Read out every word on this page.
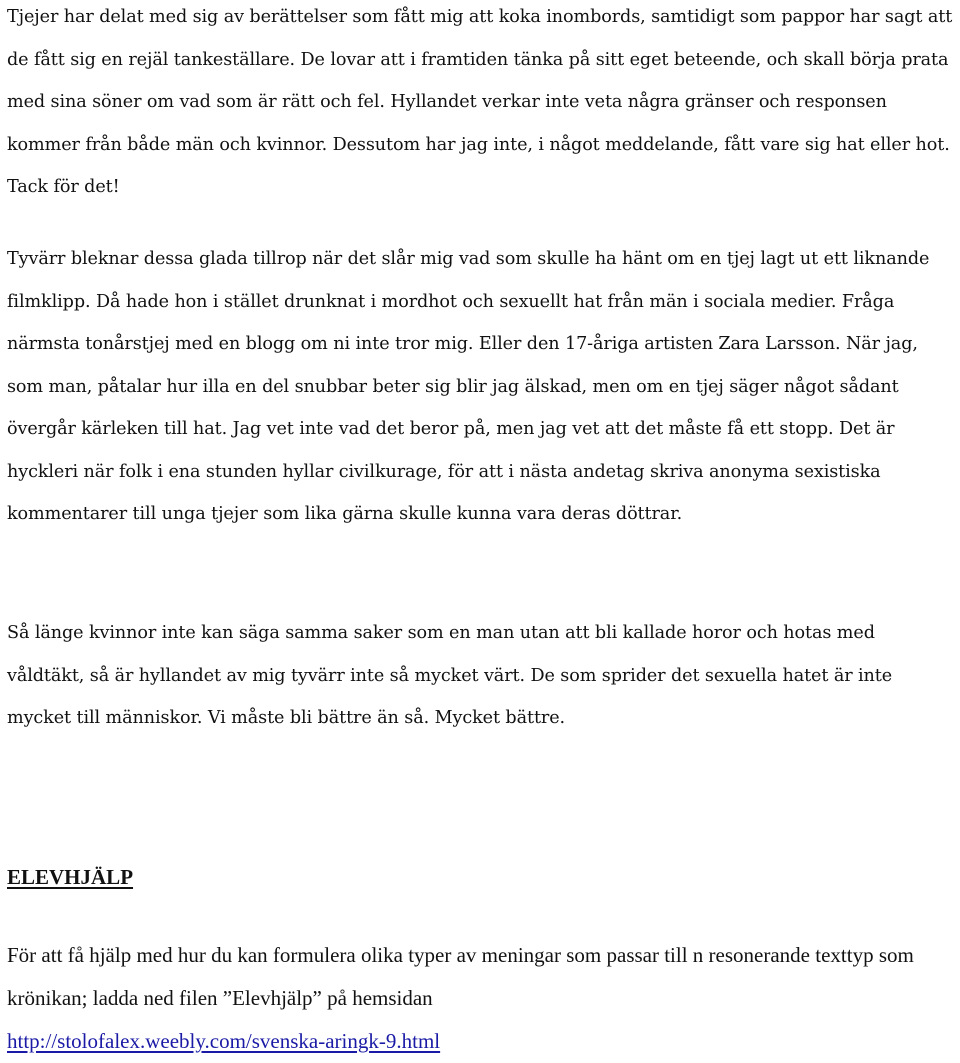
Tjejer har delat med sig av berättelser som fått mig att koka inombords, samtidigt som pappor har sagt att de fått sig en rejäl tankeställare. De lovar att i framtiden tänka på sitt eget beteende, och skall börja prata med sina söner om vad som är rätt och fel. Hyllandet verkar inte veta några gränser och responsen kommer från både män och kvinnor. Dessutom har jag inte, i något meddelande, fått vare sig hat eller hot. Tack för det!

Tyvärr bleknar dessa glada tillrop när det slår mig vad som skulle ha hänt om en tjej lagt ut ett liknande filmklipp. Då hade hon i stället drunknat i mordhot och sexuellt hat från män i sociala medier. Fråga närmsta tonårstjej med en blogg om ni inte tror mig. Eller den 17-åriga artisten Zara Larsson. När jag, som man, påtalar hur illa en del snubbar beter sig blir jag älskad, men om en tjej säger något sådant övergår kärleken till hat. Jag vet inte vad det beror på, men jag vet att det måste få ett stopp. Det är hyckleri när folk i ena stunden hyllar civilkurage, för att i nästa andetag skriva anonyma sexistiska kommentarer till unga tjejer som lika gärna skulle kunna vara deras döttrar.

Så länge kvinnor inte kan säga samma saker som en man utan att bli kallade horor och hotas med våldtäkt, så är hyllandet av mig tyvärr inte så mycket värt. De som sprider det sexuella hatet är inte mycket till människor. Vi måste bli bättre än så. Mycket bättre.

ELEVHJÄLP
För att få hjälp med hur du kan formulera olika typer av meningar som passar till n resonerande texttyp som krönikan; ladda ned filen ”Elevhjälp” på hemsidan
http://stolofalex.weebly.com/svenska-aringk-9.html
